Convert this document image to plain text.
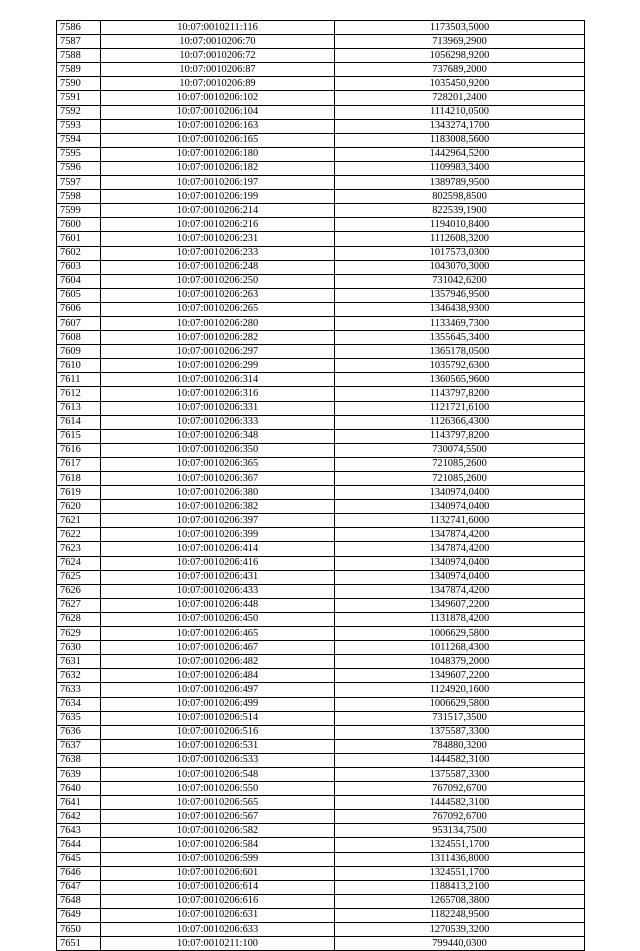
7586	10:07:0010211:116	1173503,5000
7587	10:07:0010206:70	713969,2900
7588	10:07:0010206:72	1056298,9200
7589	10:07:0010206:87	737689,2000
7590	10:07:0010206:89	1035450,9200
7591	10:07:0010206:102	728201,2400
7592	10:07:0010206:104	1114210,0500
7593	10:07:0010206:163	1343274,1700
7594	10:07:0010206:165	1183008,5600
7595	10:07:0010206:180	1442964,5200
7596	10:07:0010206:182	1109983,3400
7597	10:07:0010206:197	1389789,9500
7598	10:07:0010206:199	802598,8500
7599	10:07:0010206:214	822539,1900
7600	10:07:0010206:216	1194010,8400
7601	10:07:0010206:231	1112608,3200
7602	10:07:0010206:233	1017573,0300
7603	10:07:0010206:248	1043070,3000
7604	10:07:0010206:250	731042,6200
7605	10:07:0010206:263	1357946,9500
7606	10:07:0010206:265	1346438,9300
7607	10:07:0010206:280	1133469,7300
7608	10:07:0010206:282	1355645,3400
7609	10:07:0010206:297	1365178,0500
7610	10:07:0010206:299	1035792,6300
7611	10:07:0010206:314	1360565,9600
7612	10:07:0010206:316	1143797,8200
7613	10:07:0010206:331	1121721,6100
7614	10:07:0010206:333	1126366,4300
7615	10:07:0010206:348	1143797,8200
7616	10:07:0010206:350	730074,5500
7617	10:07:0010206:365	721085,2600
7618	10:07:0010206:367	721085,2600
7619	10:07:0010206:380	1340974,0400
7620	10:07:0010206:382	1340974,0400
7621	10:07:0010206:397	1132741,6000
7622	10:07:0010206:399	1347874,4200
7623	10:07:0010206:414	1347874,4200
7624	10:07:0010206:416	1340974,0400
7625	10:07:0010206:431	1340974,0400
7626	10:07:0010206:433	1347874,4200
7627	10:07:0010206:448	1349607,2200
7628	10:07:0010206:450	1131878,4200
7629	10:07:0010206:465	1006629,5800
7630	10:07:0010206:467	1011268,4300
7631	10:07:0010206:482	1048379,2000
7632	10:07:0010206:484	1349607,2200
7633	10:07:0010206:497	1124920,1600
7634	10:07:0010206:499	1006629,5800
7635	10:07:0010206:514	731517,3500
7636	10:07:0010206:516	1375587,3300
7637	10:07:0010206:531	784880,3200
7638	10:07:0010206:533	1444582,3100
7639	10:07:0010206:548	1375587,3300
7640	10:07:0010206:550	767092,6700
7641	10:07:0010206:565	1444582,3100
7642	10:07:0010206:567	767092,6700
7643	10:07:0010206:582	953134,7500
7644	10:07:0010206:584	1324551,1700
7645	10:07:0010206:599	1311436,8000
7646	10:07:0010206:601	1324551,1700
7647	10:07:0010206:614	1188413,2100
7648	10:07:0010206:616	1265708,3800
7649	10:07:0010206:631	1182248,9500
7650	10:07:0010206:633	1270539,3200
7651	10:07:0010211:100	799440,0300
